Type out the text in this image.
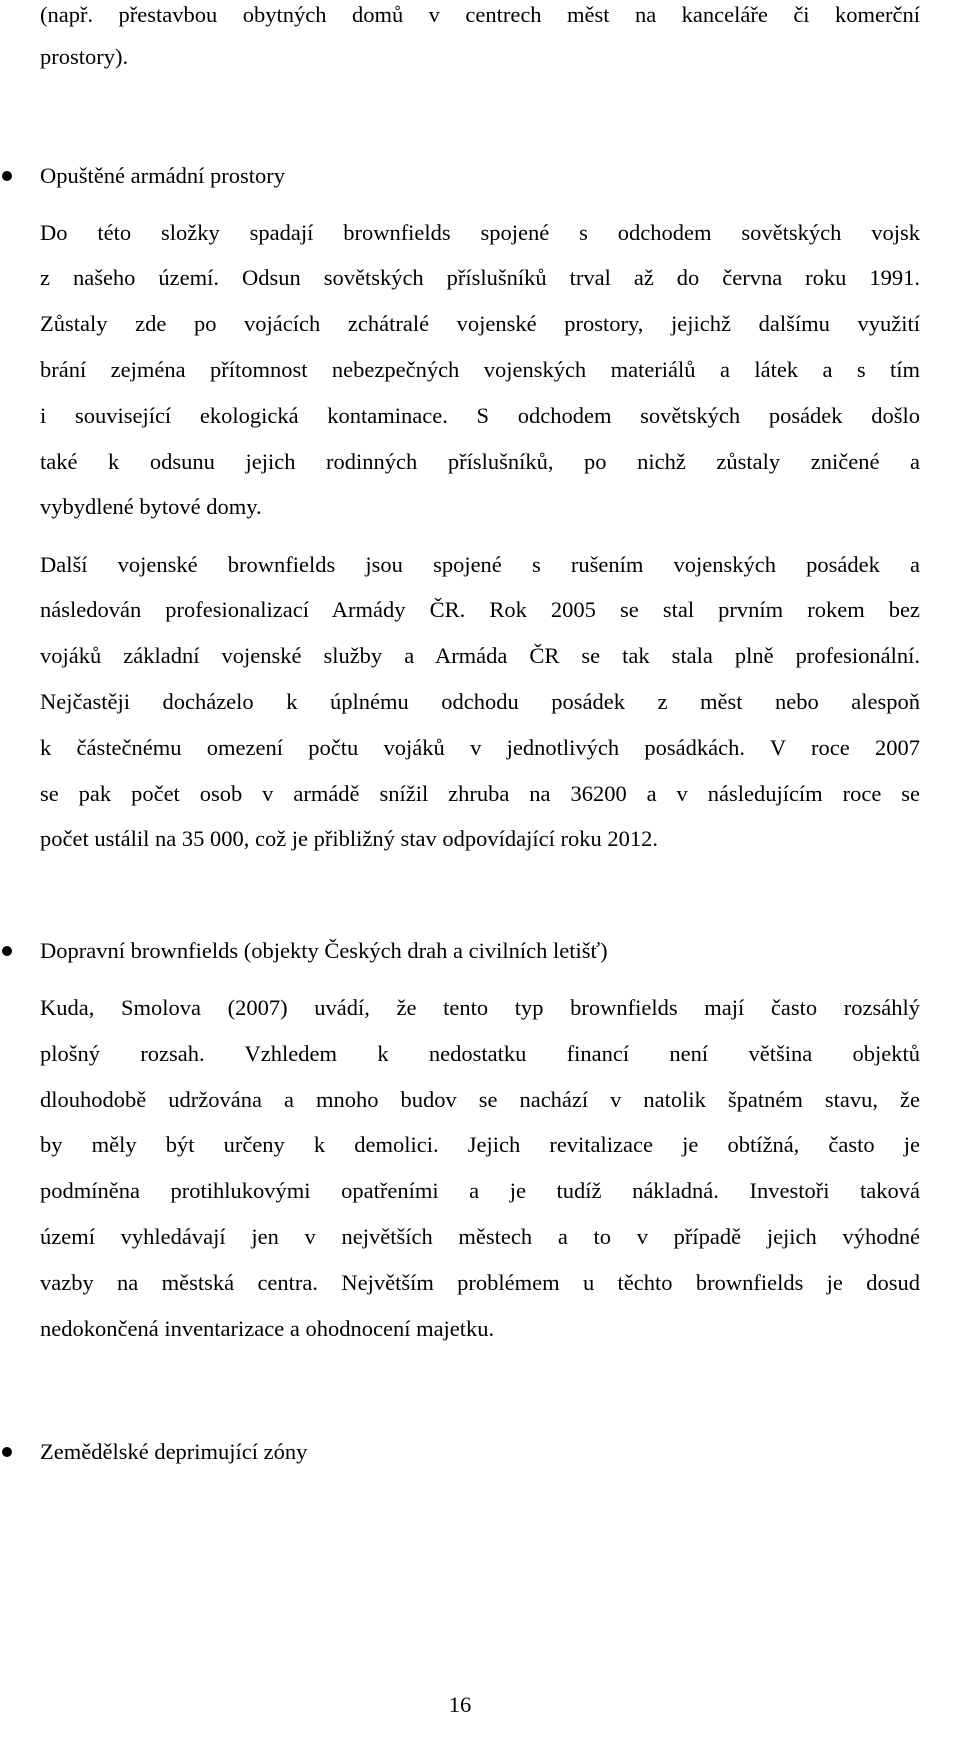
(např. přestavbou obytných domů v centrech měst na kanceláře či komerční
prostory).
Opuštěné armádní prostory
Do této složky spadají brownfields spojené s odchodem sovětských vojsk
z našeho území. Odsun sovětských příslušníků trval až do června roku 1991.
Zůstaly zde po vojácích zchátralé vojenské prostory, jejichž dalšímu využití
brání zejména přítomnost nebezpečných vojenských materiálů a látek a s tím
i související ekologická kontaminace. S odchodem sovětských posádek došlo
také k odsunu jejich rodinných příslušníků, po nichž zůstaly zničené a
vybydlené bytové domy.
Další vojenské brownfields jsou spojené s rušením vojenských posádek a
následován profesionalizací Armády ČR. Rok 2005 se stal prvním rokem bez
vojáků základní vojenské služby a Armáda ČR se tak stala plně profesionální.
Nejčastěji docházelo k úplnému odchodu posádek z měst nebo alespoň
k částečnému omezení počtu vojáků v jednotlivých posádkách. V roce 2007
se pak počet osob v armádě snížil zhruba na 36200 a v následujícím roce se
počet ustálil na 35 000, což je přibližný stav odpovídající roku 2012.
Dopravní brownfields (objekty Českých drah a civilních letišť)
Kuda, Smolova (2007) uvádí, že tento typ brownfields mají často rozsáhlý
plošný rozsah. Vzhledem k nedostatku financí není většina objektů
dlouhodobě udržována a mnoho budov se nachází v natolik špatném stavu, že
by měly být určeny k demolici. Jejich revitalizace je obtížná, často je
podmíněna protihlukovými opatřeními a je tudíž nákladná. Investoři taková
území vyhledávají jen v největších městech a to v případě jejich výhodné
vazby na městská centra. Největším problémem u těchto brownfields je dosud
nedokončená inventarizace a ohodnocení majetku.
Zemědělské deprimující zóny
16
